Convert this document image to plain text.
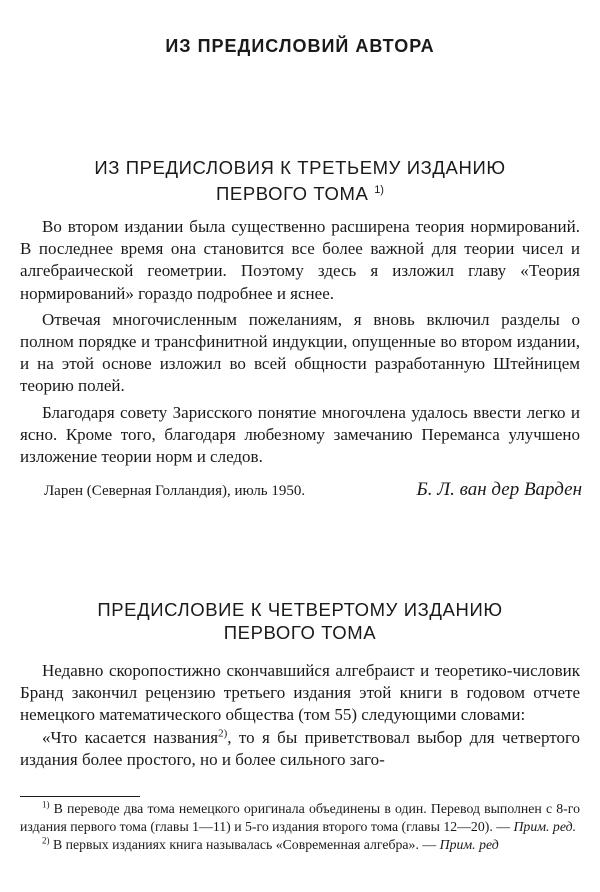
ИЗ ПРЕДИСЛОВИЙ АВТОРА
ИЗ ПРЕДИСЛОВИЯ К ТРЕТЬЕМУ ИЗДАНИЮ
ПЕРВОГО ТОМА $^{1)}$

Во втором издании была существенно расширена теория нормирований. В последнее время она становится все более важной для теории чисел и алгебраической геометрии. Поэтому здесь я изложил главу «Теория нормирований» гораздо подробнее и яснее.

Отвечая многочисленным пожеланиям, я вновь включил разделы о полном порядке и трансфинитной индукции, опущенные во втором издании, и на этой основе изложил во всей общности разработанную Штейницем теорию полей.

Благодаря совету Зарисского понятие многочлена удалось ввести легко и ясно. Кроме того, благодаря любезному замечанию Переманса улучшено изложение теории норм и следов.

Ларен (Северная Голландия), июль 1950.	Б. Л. ван дер Варден
ПРЕДИСЛОВИЕ К ЧЕТВЕРТОМУ ИЗДАНИЮ
ПЕРВОГО ТОМА

Недавно скоропостижно скончавшийся алгебраист и теоретико-числовик Бранд закончил рецензию третьего издания этой книги в годовом отчете немецкого математического общества (том 55) следующими словами:

«Что касается названия$^{2)}$, то я бы приветствовал выбор для четвертого издания более простого, но и более сильного заго-

$^{1)}$ В переводе два тома немецкого оригинала объединены в один. Перевод выполнен с 8-го издания первого тома (главы 1—11) и 5-го издания второго тома (главы 12—20). — Прим. ред.

$^{2)}$ В первых изданиях книга называлась «Современная алгебра». — Прим. ред
